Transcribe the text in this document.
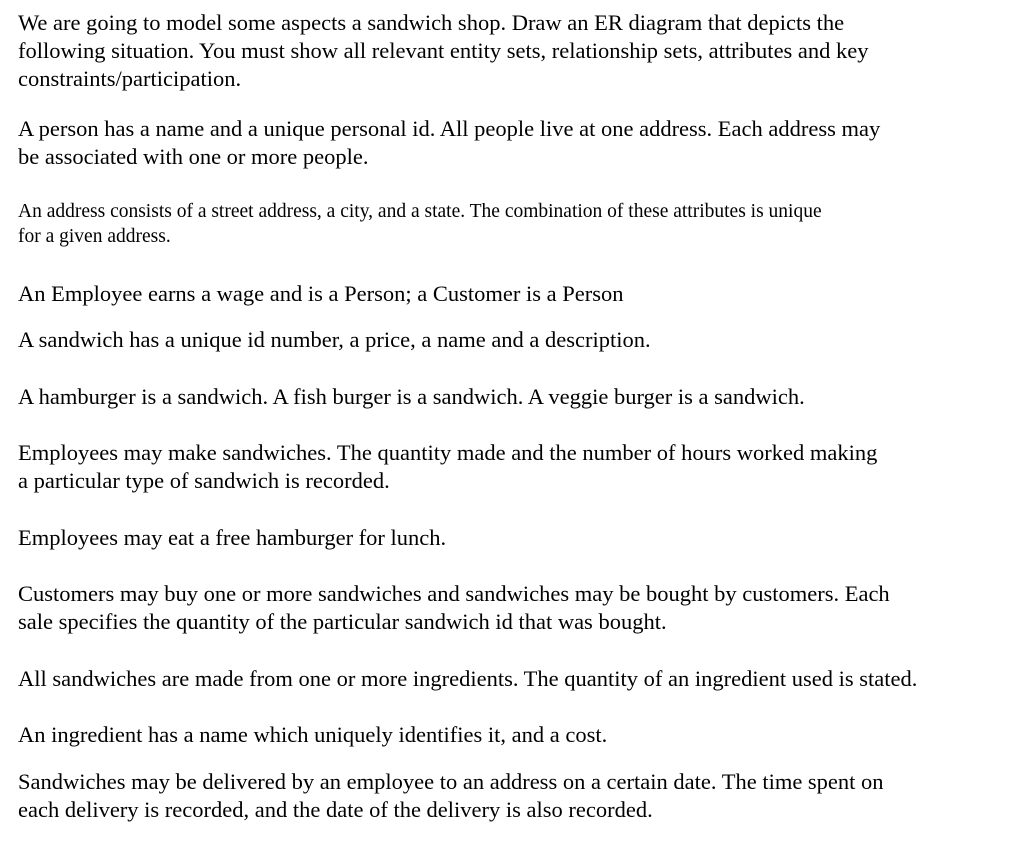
We are going to model some aspects a sandwich shop. Draw an ER diagram that depicts the
following situation. You must show all relevant entity sets, relationship sets, attributes and key
constraints/participation.

A person has a name and a unique personal id. All people live at one address. Each address may
be associated with one or more people.

An address consists of a street address, a city, and a state. The combination of these attributes is unique
for a given address.

An Employee earns a wage and is a Person; a Customer is a Person

A sandwich has a unique id number, a price, a name and a description.

A hamburger is a sandwich. A fish burger is a sandwich. A veggie burger is a sandwich.

Employees may make sandwiches. The quantity made and the number of hours worked making
a particular type of sandwich is recorded.

Employees may eat a free hamburger for lunch.

Customers may buy one or more sandwiches and sandwiches may be bought by customers. Each
sale specifies the quantity of the particular sandwich id that was bought.

All sandwiches are made from one or more ingredients. The quantity of an ingredient used is stated.

An ingredient has a name which uniquely identifies it, and a cost.

Sandwiches may be delivered by an employee to an address on a certain date. The time spent on
each delivery is recorded, and the date of the delivery is also recorded.
